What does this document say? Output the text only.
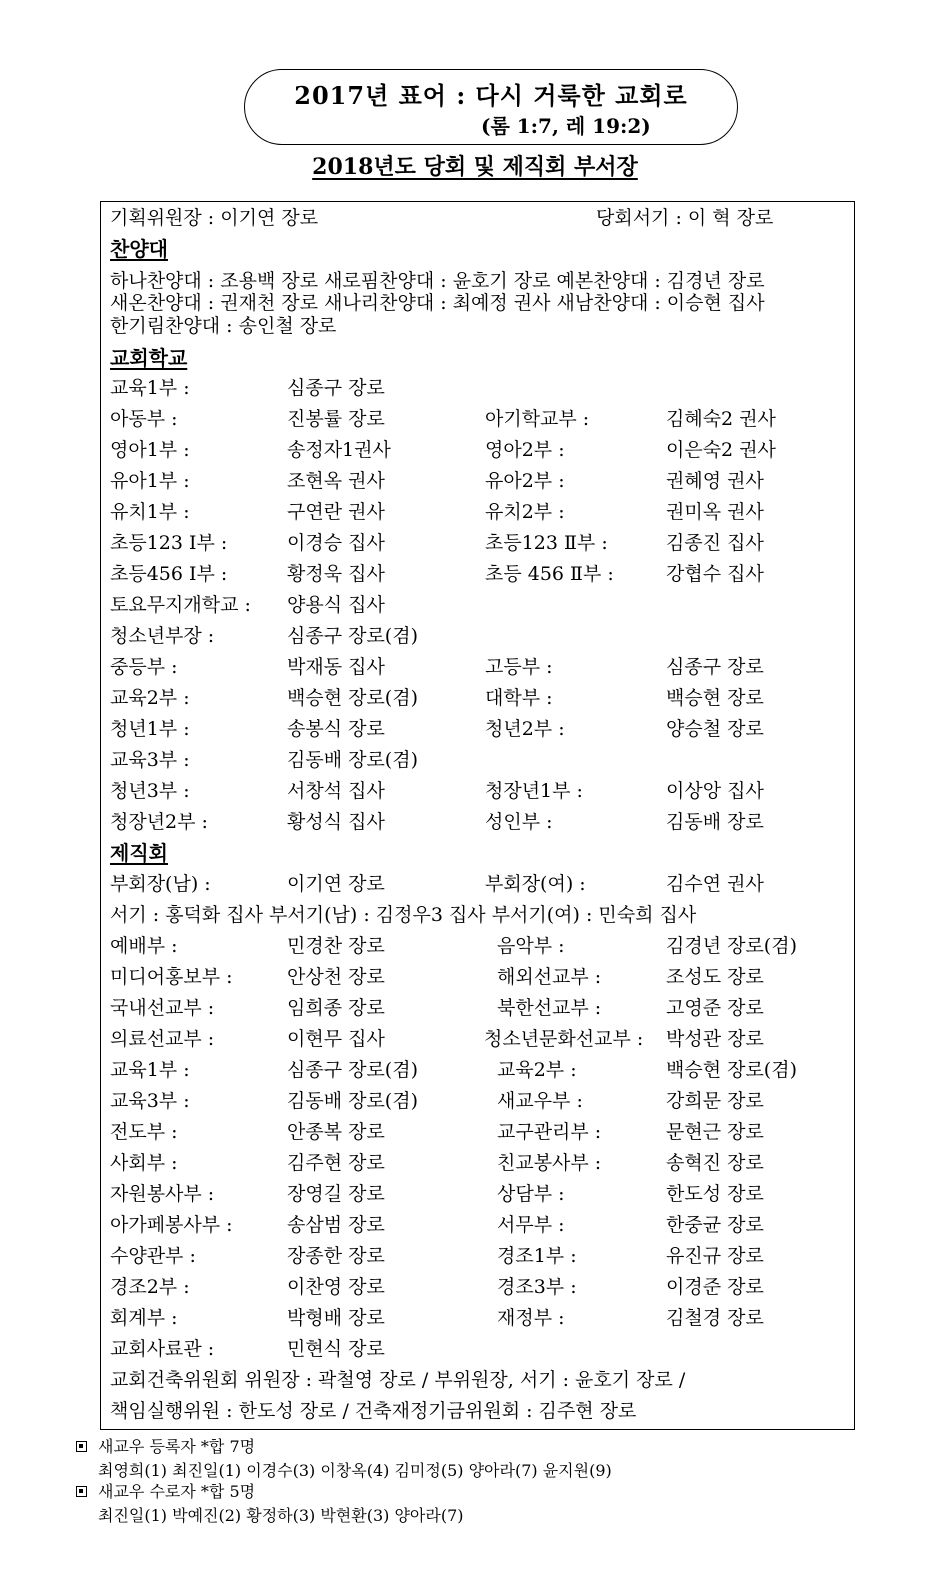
2017년 표어 : 다시 거룩한 교회로
(롬 1:7, 레 19:2)
2018년도 당회 및 제직회 부서장
기획위원장 : 이기연 장로	당회서기 : 이 혁 장로
찬양대
하나찬양대 : 조용백 장로 새로핌찬양대 : 윤호기 장로 예본찬양대 : 김경년 장로
새온찬양대 : 권재천 장로 새나리찬양대 : 최예정 권사 새남찬양대 : 이승현 집사
한기림찬양대 : 송인철 장로
교회학교
교육1부 :	심종구 장로
아동부 :	진봉률 장로	아기학교부 :	김혜숙2 권사
영아1부 :	송정자1권사	영아2부 :	이은숙2 권사
유아1부 :	조현옥 권사	유아2부 :	권혜영 권사
유치1부 :	구연란 권사	유치2부 :	권미옥 권사
초등123 Ⅰ부 :	이경승 집사	초등123 Ⅱ부 :	김종진 집사
초등456 Ⅰ부 :	황정욱 집사	초등 456 Ⅱ부 :	강협수 집사
토요무지개학교 : 양용식 집사
청소년부장 :	심종구 장로(겸)
중등부 :	박재동 집사	고등부 :	심종구 장로
교육2부 :	백승현 장로(겸)	대학부 :	백승현 장로
청년1부 :	송봉식 장로	청년2부 :	양승철 장로
교육3부 :	김동배 장로(겸)
청년3부 :	서창석 집사	청장년1부 :	이상앙 집사
청장년2부 :	황성식 집사	성인부 :	김동배 장로
제직회
부회장(남) :	이기연 장로	부회장(여) :	김수연 권사
서기 : 홍덕화 집사 부서기(남) : 김정우3 집사 부서기(여) : 민숙희 집사
예배부 :	민경찬 장로	음악부 :	김경년 장로(겸)
미디어홍보부 :	안상천 장로	해외선교부 :	조성도 장로
국내선교부 :	임희종 장로	북한선교부 :	고영준 장로
의료선교부 :	이현무 집사	청소년문화선교부 : 박성관 장로
교육1부 :	심종구 장로(겸)	교육2부 :	백승현 장로(겸)
교육3부 :	김동배 장로(겸)	새교우부 :	강희문 장로
전도부 :	안종복 장로	교구관리부 :	문현근 장로
사회부 :	김주현 장로	친교봉사부 :	송혁진 장로
자원봉사부 :	장영길 장로	상담부 :	한도성 장로
아가페봉사부 :	송삼범 장로	서무부 :	한중균 장로
수양관부 :	장종한 장로	경조1부 :	유진규 장로
경조2부 :	이찬영 장로	경조3부 :	이경준 장로
회계부 :	박형배 장로	재정부 :	김철경 장로
교회사료관 :	민현식 장로
교회건축위원회 위원장 : 곽철영 장로 / 부위원장, 서기 : 윤호기 장로 /
책임실행위원 : 한도성 장로 / 건축재정기금위원회 : 김주현 장로
새교우 등록자 *합 7명
최영희(1) 최진일(1) 이경수(3) 이창옥(4) 김미정(5) 양아라(7) 윤지원(9)
새교우 수로자 *합 5명
최진일(1) 박예진(2) 황정하(3) 박현환(3) 양아라(7)
